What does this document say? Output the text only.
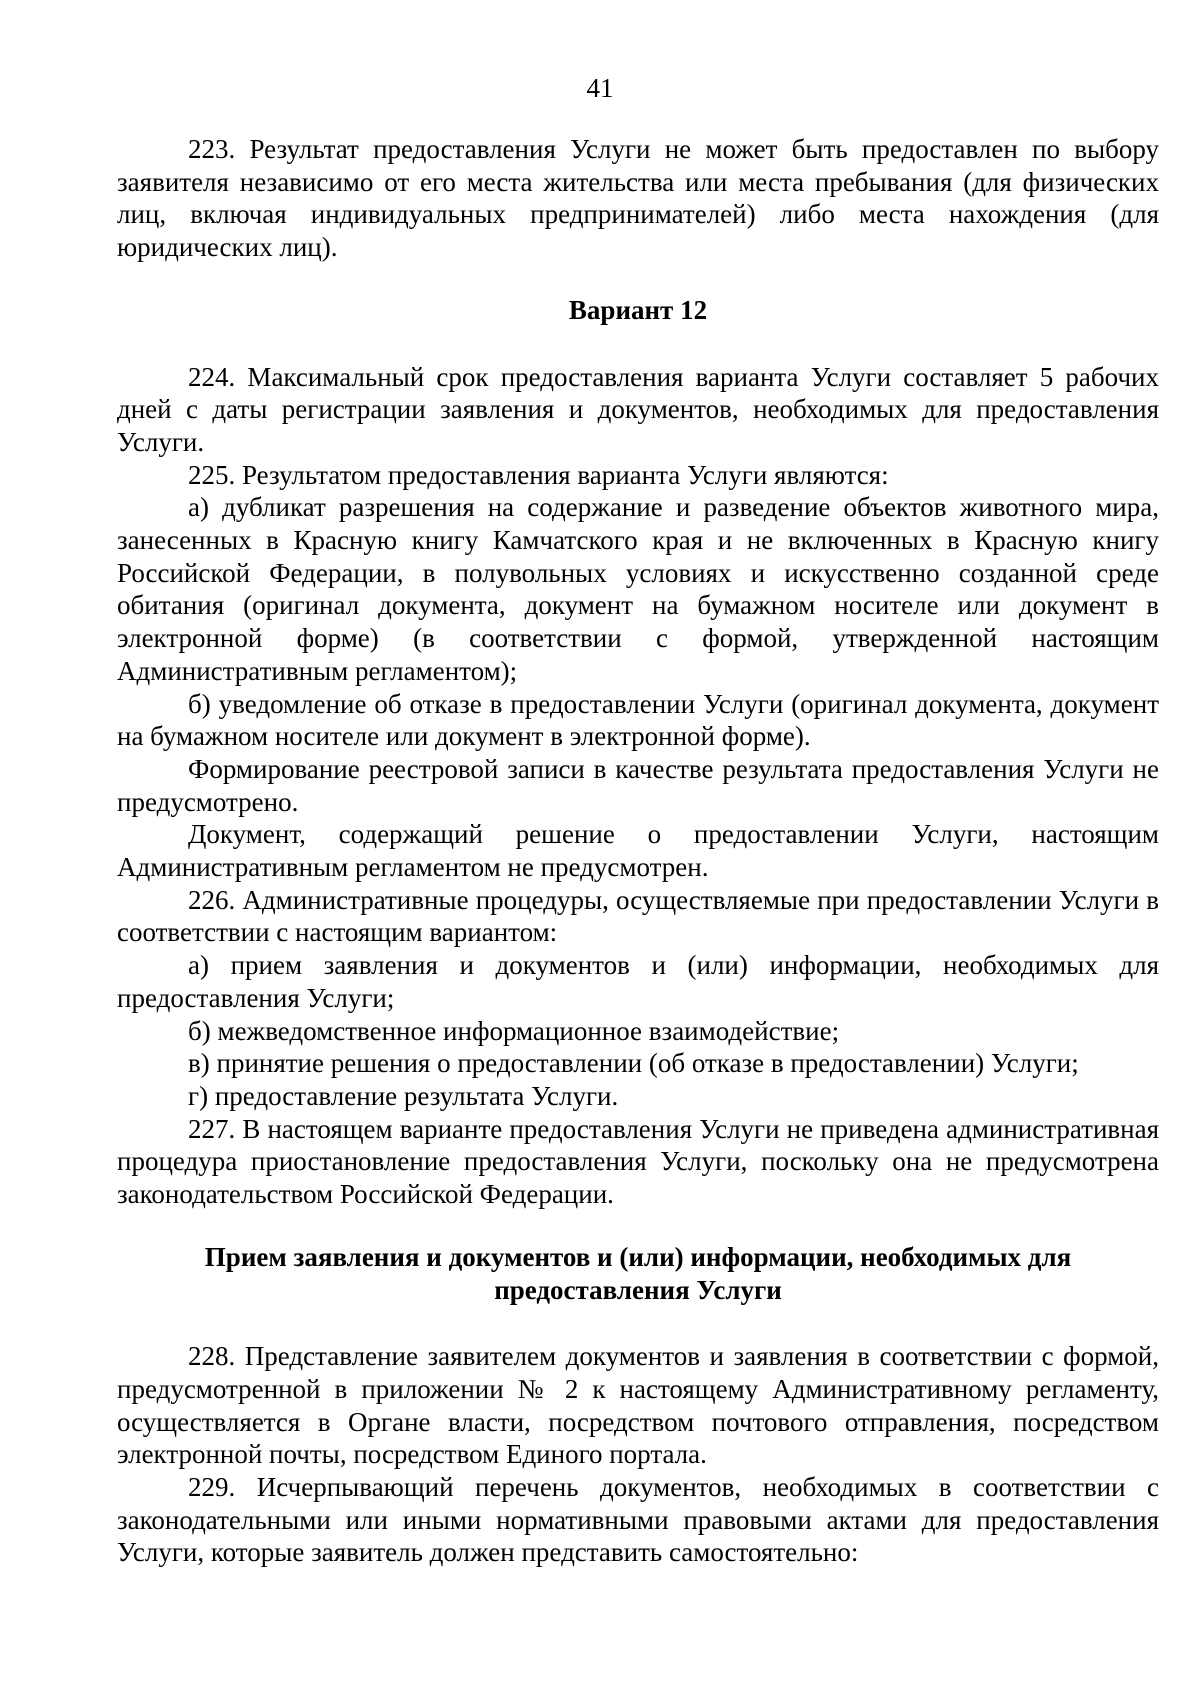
41

223. Результат предоставления Услуги не может быть предоставлен по выбору заявителя независимо от его места жительства или места пребывания (для физических лиц, включая индивидуальных предпринимателей) либо места нахождения (для юридических лиц).

Вариант 12

224. Максимальный срок предоставления варианта Услуги составляет 5 рабочих дней с даты регистрации заявления и документов, необходимых для предоставления Услуги.

225. Результатом предоставления варианта Услуги являются:

а) дубликат разрешения на содержание и разведение объектов животного мира, занесенных в Красную книгу Камчатского края и не включенных в Красную книгу Российской Федерации, в полувольных условиях и искусственно созданной среде обитания (оригинал документа, документ на бумажном носителе или документ в электронной форме) (в соответствии с формой, утвержденной настоящим Административным регламентом);

б) уведомление об отказе в предоставлении Услуги (оригинал документа, документ на бумажном носителе или документ в электронной форме).

Формирование реестровой записи в качестве результата предоставления Услуги не предусмотрено.

Документ, содержащий решение о предоставлении Услуги, настоящим Административным регламентом не предусмотрен.

226. Административные процедуры, осуществляемые при предоставлении Услуги в соответствии с настоящим вариантом:

а) прием заявления и документов и (или) информации, необходимых для предоставления Услуги;

б) межведомственное информационное взаимодействие;

в) принятие решения о предоставлении (об отказе в предоставлении) Услуги;

г) предоставление результата Услуги.

227. В настоящем варианте предоставления Услуги не приведена административная процедура приостановление предоставления Услуги, поскольку она не предусмотрена законодательством Российской Федерации.

Прием заявления и документов и (или) информации, необходимых для предоставления Услуги

228. Представление заявителем документов и заявления в соответствии с формой, предусмотренной в приложении № 2 к настоящему Административному регламенту, осуществляется в Органе власти, посредством почтового отправления, посредством электронной почты, посредством Единого портала.

229. Исчерпывающий перечень документов, необходимых в соответствии с законодательными или иными нормативными правовыми актами для предоставления Услуги, которые заявитель должен представить самостоятельно:
